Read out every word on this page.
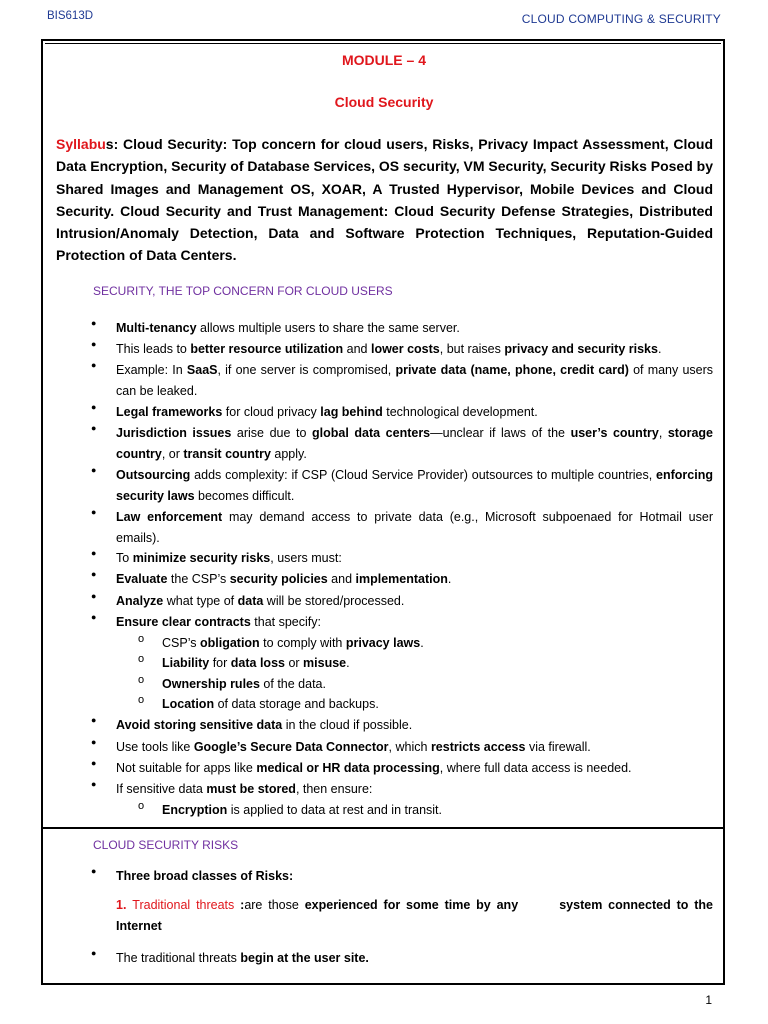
BIS613D	CLOUD COMPUTING & SECURITY
MODULE – 4
Cloud Security
Syllabus: Cloud Security: Top concern for cloud users, Risks, Privacy Impact Assessment, Cloud Data Encryption, Security of Database Services, OS security, VM Security, Security Risks Posed by Shared Images and Management OS, XOAR, A Trusted Hypervisor, Mobile Devices and Cloud Security. Cloud Security and Trust Management: Cloud Security Defense Strategies, Distributed Intrusion/Anomaly Detection, Data and Software Protection Techniques, Reputation-Guided Protection of Data Centers.
SECURITY, THE TOP CONCERN FOR CLOUD USERS
● Multi-tenancy allows multiple users to share the same server.
● This leads to better resource utilization and lower costs, but raises privacy and security risks.
● Example: In SaaS, if one server is compromised, private data (name, phone, credit card) of many users can be leaked.
● Legal frameworks for cloud privacy lag behind technological development.
● Jurisdiction issues arise due to global data centers—unclear if laws of the user’s country, storage country, or transit country apply.
● Outsourcing adds complexity: if CSP (Cloud Service Provider) outsources to multiple countries, enforcing security laws becomes difficult.
● Law enforcement may demand access to private data (e.g., Microsoft subpoenaed for Hotmail user emails).
● To minimize security risks, users must:
● Evaluate the CSP’s security policies and implementation.
● Analyze what type of data will be stored/processed.
● Ensure clear contracts that specify:
o CSP’s obligation to comply with privacy laws.
o Liability for data loss or misuse.
o Ownership rules of the data.
o Location of data storage and backups.
● Avoid storing sensitive data in the cloud if possible.
● Use tools like Google’s Secure Data Connector, which restricts access via firewall.
● Not suitable for apps like medical or HR data processing, where full data access is needed.
● If sensitive data must be stored, then ensure:
o Encryption is applied to data at rest and in transit.
CLOUD SECURITY RISKS
● Three broad classes of Risks:
● The traditional threats begin at the user site.
1. Traditional threats :are those experienced for some time by any	system connected to the Internet
1
